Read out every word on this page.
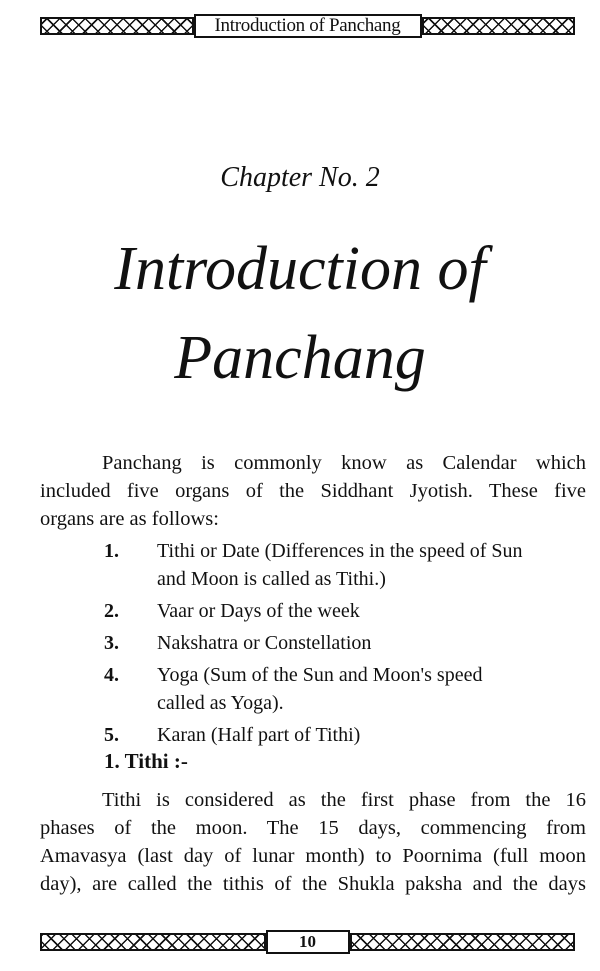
Introduction of Panchang
Chapter No. 2
Introduction of
Panchang
Panchang is commonly know as Calendar which
included five organs of the Siddhant Jyotish. These five
organs are as follows:
1.	Tithi or Date (Differences in the speed of Sun
and Moon is called as Tithi.)
2.	Vaar or Days of the week
3.	Nakshatra or Constellation
4.	Yoga (Sum of the Sun and Moon's speed
called as Yoga).
5.	Karan (Half part of Tithi)
1. Tithi :-
Tithi is considered as the first phase from the 16
phases of the moon. The 15 days, commencing from
Amavasya (last day of lunar month) to Poornima (full moon
day), are called the tithis of the Shukla paksha and the days
10
